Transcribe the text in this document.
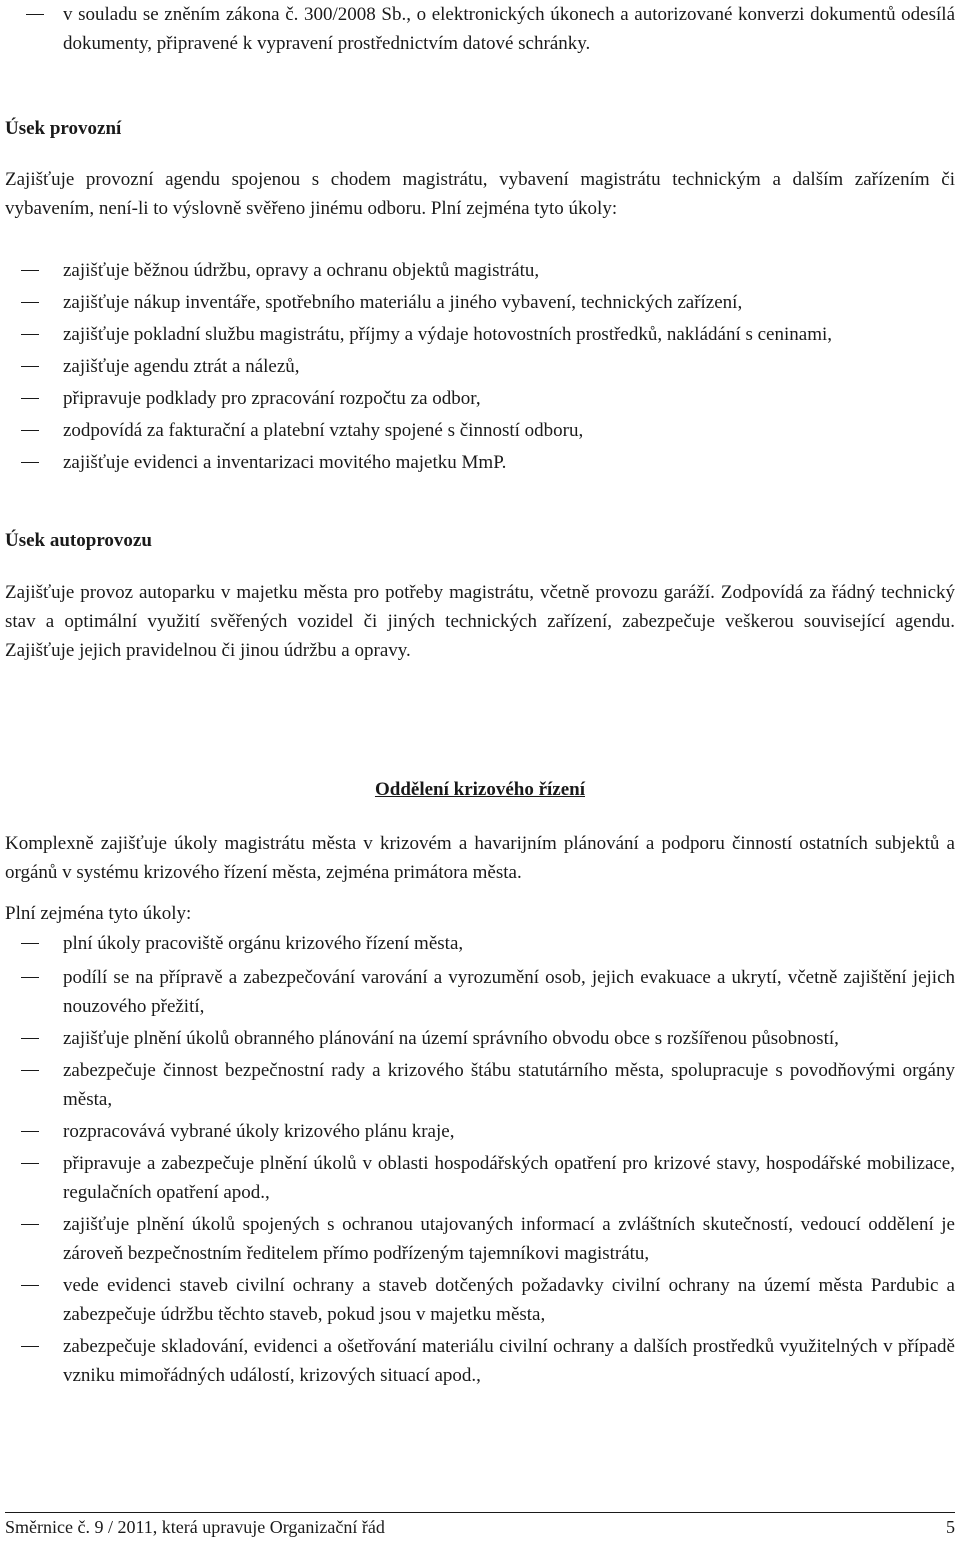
v souladu se zněním zákona č. 300/2008 Sb., o elektronických úkonech a autorizované konverzi dokumentů odesílá dokumenty, připravené k vypravení prostřednictvím datové schránky.

Úsek provozní

Zajišťuje provozní agendu spojenou s chodem magistrátu, vybavení magistrátu technickým a dalším zařízením či vybavením, není-li to výslovně svěřeno jinému odboru. Plní zejména tyto úkoly:

zajišťuje běžnou údržbu, opravy a ochranu objektů magistrátu,
zajišťuje nákup inventáře, spotřebního materiálu a jiného vybavení, technických zařízení,
zajišťuje pokladní službu magistrátu, příjmy a výdaje hotovostních prostředků, nakládání s ceninami,
zajišťuje agendu ztrát a nálezů,
připravuje podklady pro zpracování rozpočtu za odbor,
zodpovídá za fakturační a platební vztahy spojené s činností odboru,
zajišťuje evidenci a inventarizaci movitého majetku MmP.

Úsek autoprovozu

Zajišťuje provoz autoparku v majetku města pro potřeby magistrátu, včetně provozu garáží. Zodpovídá za řádný technický stav a optimální využití svěřených vozidel či jiných technických zařízení, zabezpečuje veškerou související agendu. Zajišťuje jejich pravidelnou či jinou údržbu a opravy.

Oddělení krizového řízení

Komplexně zajišťuje úkoly magistrátu města v krizovém a havarijním plánování a podporu činností ostatních subjektů a orgánů v systému krizového řízení města, zejména primátora města.

Plní zejména tyto úkoly:

plní úkoly pracoviště orgánu krizového řízení města,
podílí se na přípravě a zabezpečování varování a vyrozumění osob, jejich evakuace a ukrytí, včetně zajištění jejich nouzového přežití,
zajišťuje plnění úkolů obranného plánování na území správního obvodu obce s rozšířenou působností,
zabezpečuje činnost bezpečnostní rady a krizového štábu statutárního města, spolupracuje s povodňovými orgány města,
rozpracovává vybrané úkoly krizového plánu kraje,
připravuje a zabezpečuje plnění úkolů v oblasti hospodářských opatření pro krizové stavy, hospodářské mobilizace, regulačních opatření apod.,
zajišťuje plnění úkolů spojených s ochranou utajovaných informací a zvláštních skutečností, vedoucí oddělení je zároveň bezpečnostním ředitelem přímo podřízeným tajemníkovi magistrátu,
vede evidenci staveb civilní ochrany a staveb dotčených požadavky civilní ochrany na území města Pardubic a zabezpečuje údržbu těchto staveb, pokud jsou v majetku města,
zabezpečuje skladování, evidenci a ošetřování materiálu civilní ochrany a dalších prostředků využitelných v případě vzniku mimořádných událostí, krizových situací apod.,
Směrnice č. 9 / 2011, která upravuje Organizační řád	5
